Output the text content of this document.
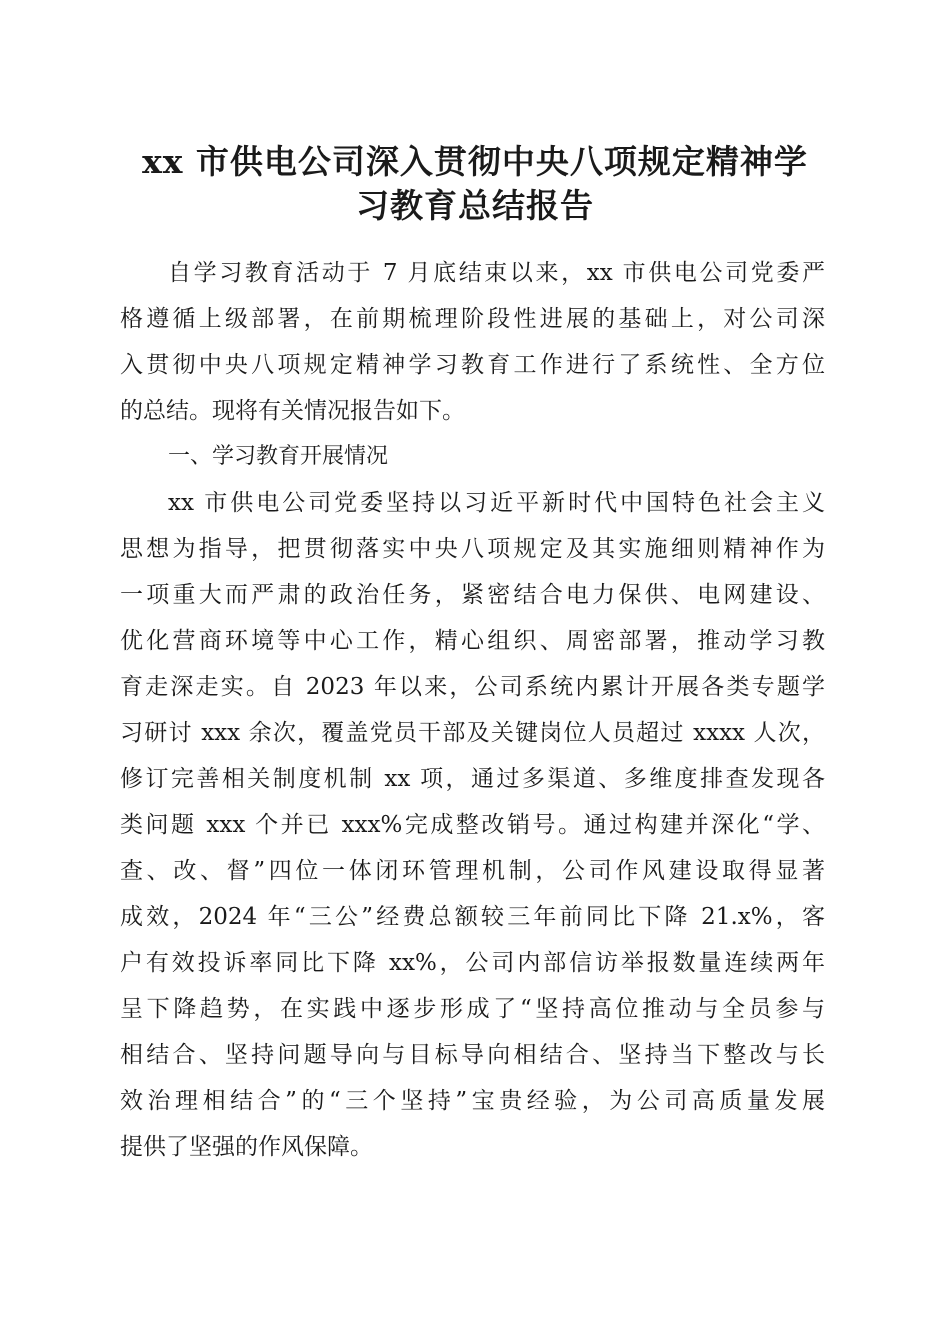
xx 市供电公司深入贯彻中央八项规定精神学
习教育总结报告
自学习教育活动于 7 月底结束以来，xx 市供电公司党委严
格遵循上级部署，在前期梳理阶段性进展的基础上，对公司深
入贯彻中央八项规定精神学习教育工作进行了系统性、全方位
的总结。现将有关情况报告如下。
一、学习教育开展情况
xx 市供电公司党委坚持以习近平新时代中国特色社会主义
思想为指导，把贯彻落实中央八项规定及其实施细则精神作为
一项重大而严肃的政治任务，紧密结合电力保供、电网建设、
优化营商环境等中心工作，精心组织、周密部署，推动学习教
育走深走实。自 2023 年以来，公司系统内累计开展各类专题学
习研讨 xxx 余次，覆盖党员干部及关键岗位人员超过 xxxx 人次，
修订完善相关制度机制 xx 项，通过多渠道、多维度排查发现各
类问题 xxx 个并已 xxx%完成整改销号。通过构建并深化“学、
查、改、督”四位一体闭环管理机制，公司作风建设取得显著
成效，2024 年“三公”经费总额较三年前同比下降 21.x%，客
户有效投诉率同比下降 xx%，公司内部信访举报数量连续两年
呈下降趋势，在实践中逐步形成了“坚持高位推动与全员参与
相结合、坚持问题导向与目标导向相结合、坚持当下整改与长
效治理相结合”的“三个坚持”宝贵经验，为公司高质量发展
提供了坚强的作风保障。
